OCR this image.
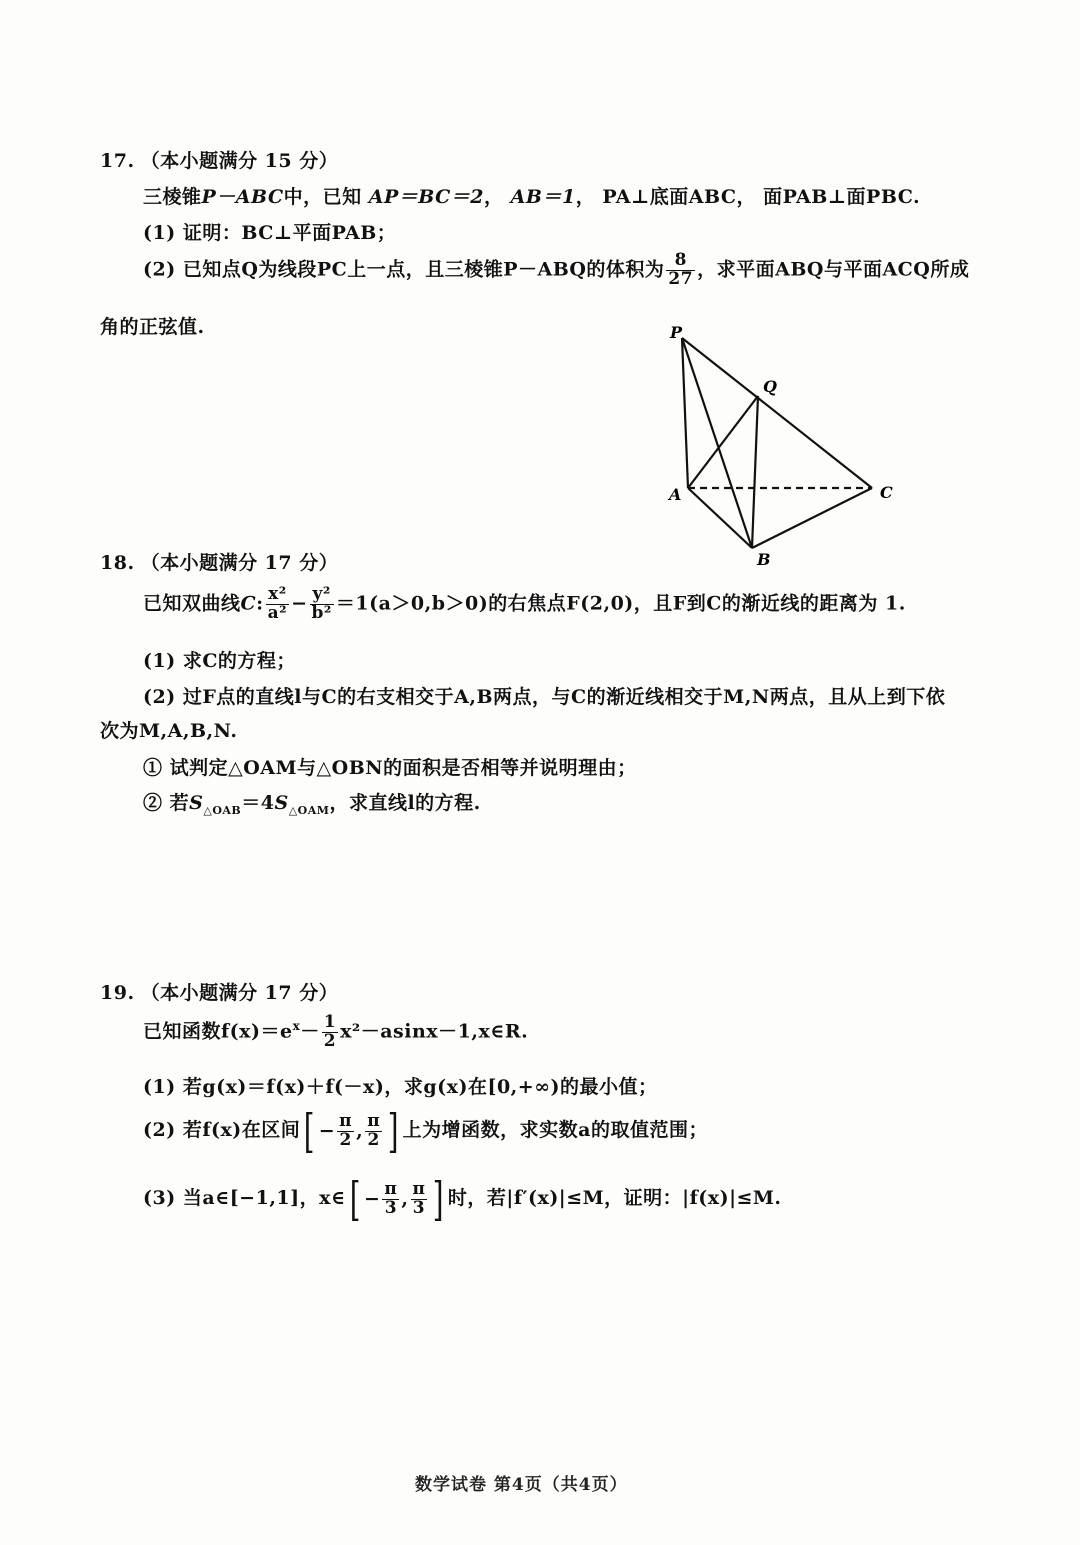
17. （本小题满分 15 分）
三棱锥P－ABC中，已知 AP＝BC＝2， AB＝1， PA⊥底面ABC， 面PAB⊥面PBC.
(1) 证明：BC⊥平面PAB；
(2) 已知点Q为线段PC上一点，且三棱锥P－ABQ的体积为 $\frac{8}{27}$ ，求平面ABQ与平面ACQ所成
角的正弦值.	P
Q
A	C
B
18. （本小题满分 17 分）
已知双曲线C: $\frac{\text{x²}}{\text{a²}} - \frac{\text{y²}}{\text{b²}} =1(a>0,b>0)$的右焦点F(2,0)，且F到C的渐近线的距离为 1.
(1) 求C的方程；
(2) 过F点的直线l与C的右支相交于A,B两点，与C的渐近线相交于M,N两点，且从上到下依
次为M,A,B,N.
① 试判定△OAM与△OBN的面积是否相等并说明理由；
② 若$S_{\triangle OAB}=4S_{\triangle OAM}$，求直线l的方程.
19. （本小题满分 17 分）
已知函数$f(x)=e^x- \frac{1}{2}$ x²－asinx－1,x∈R.
(1) 若g(x)＝f(x)＋f(－x)，求g(x)在[0,+∞)的最小值；
(2) 若f(x)在区间 [ − $\frac{\pi}{2}$ , $\frac{\pi}{2}$ ] 上为增函数，求实数a的取值范围；
(3) 当a∈[−1,1]，x∈ [ − $\frac{\pi}{3}$ , $\frac{\pi}{3}$ ] 时，若|f′(x)|≤M，证明：|f(x)|≤M.
数学试卷 第4页（共4页）
